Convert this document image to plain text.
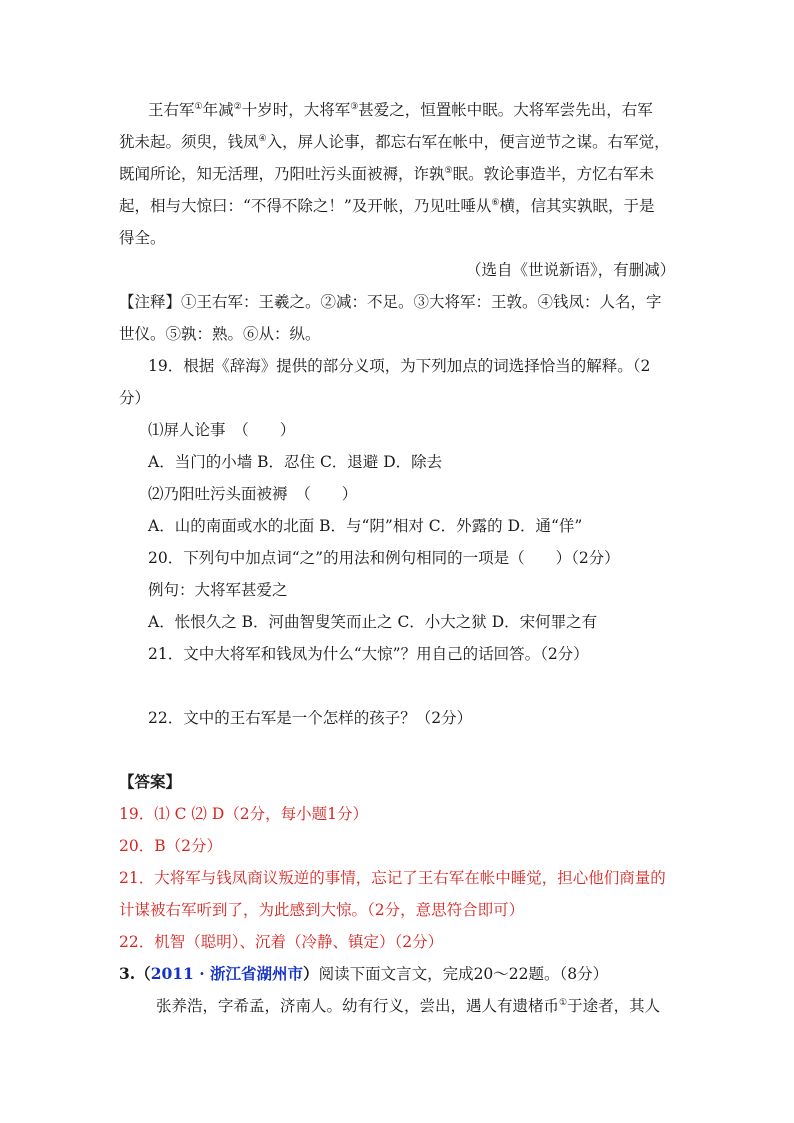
王右军①年减②十岁时，大将军③甚爱之，恒置帐中眠。大将军尝先出，右军
犹未起。须臾，钱凤④入，屏人论事，都忘右军在帐中，便言逆节之谋。右军觉，
既闻所论，知无活理，乃阳吐污头面被褥，诈孰⑤眠。敦论事造半，方忆右军未
起，相与大惊曰：“不得不除之！”及开帐，乃见吐唾从⑥横，信其实孰眠，于是
得全。
（选自《世说新语》，有删减）
【注释】①王右军：王羲之。②减：不足。③大将军：王敦。④钱凤：人名，字
世仪。⑤孰：熟。⑥从：纵。
19．根据《辞海》提供的部分义项，为下列加点的词选择恰当的解释。（2
分）
⑴屏人论事　（　　）
A．当门的小墙 B．忍住 C．退避 D．除去
⑵乃阳吐污头面被褥　（　　）
A．山的南面或水的北面 B．与“阴”相对 C．外露的 D．通“佯”
20．下列句中加点词“之”的用法和例句相同的一项是（　　）（2分）
例句：大将军甚爱之
A．怅恨久之 B．河曲智叟笑而止之 C．小大之狱 D．宋何罪之有
21．文中大将军和钱凤为什么“大惊”？用自己的话回答。（2分）
22．文中的王右军是一个怎样的孩子？（2分）
【答案】
19．⑴ C ⑵ D（2分，每小题1分）
20．B（2分）
21．大将军与钱凤商议叛逆的事情，忘记了王右军在帐中睡觉，担心他们商量的
计谋被右军听到了，为此感到大惊。（2分，意思符合即可）
22．机智（聪明）、沉着（冷静、镇定）（2分）
3.（2011 · 浙江省湖州市）阅读下面文言文，完成20～22题。（8分）
张养浩，字希孟，济南人。幼有行义，尝出，遇人有遗楮币①于途者，其人
